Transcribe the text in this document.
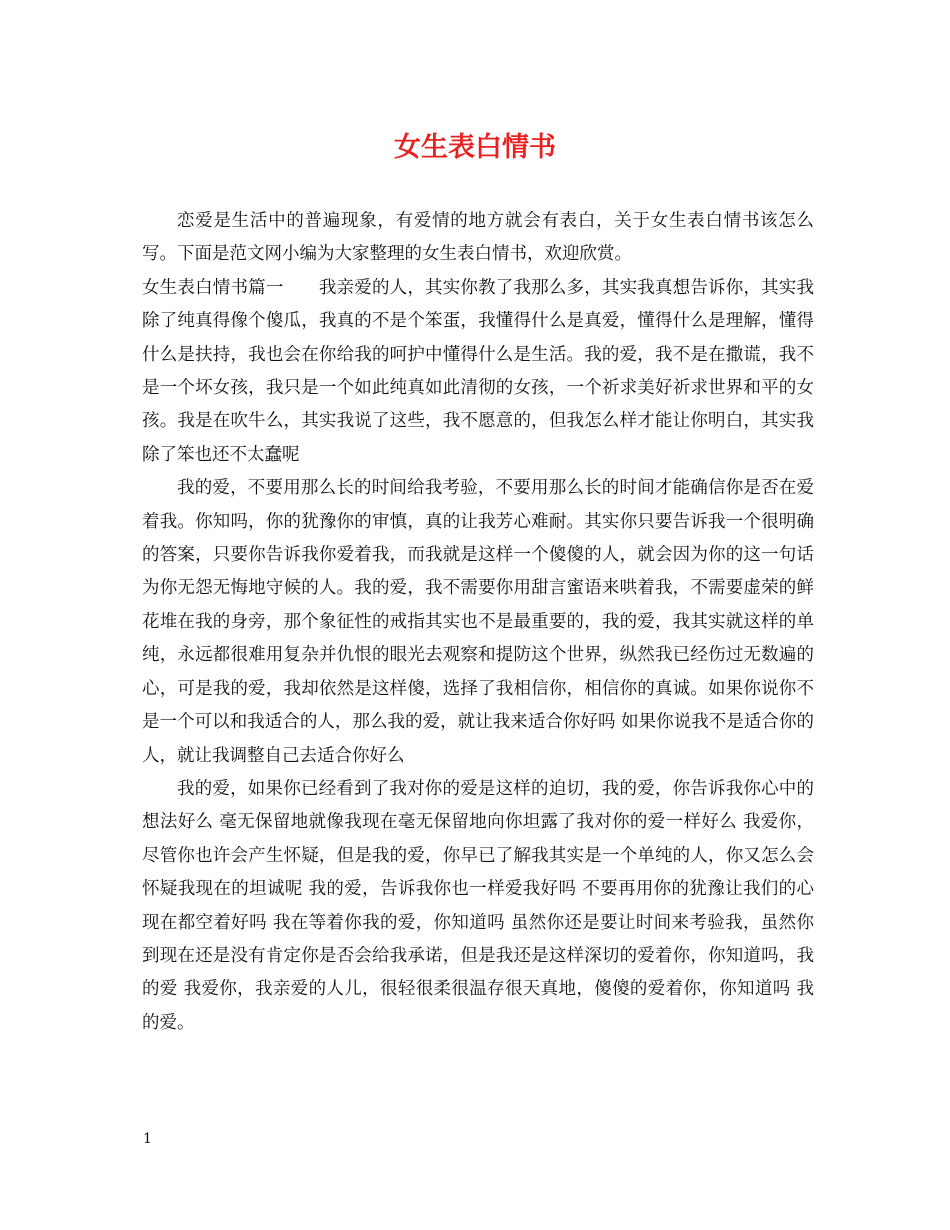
女生表白情书

恋爱是生活中的普遍现象，有爱情的地方就会有表白，关于女生表白情书该怎么写。下面是范文网小编为大家整理的女生表白情书，欢迎欣赏。

女生表白情书篇一　　我亲爱的人，其实你教了我那么多，其实我真想告诉你，其实我除了纯真得像个傻瓜，我真的不是个笨蛋，我懂得什么是真爱，懂得什么是理解，懂得什么是扶持，我也会在你给我的呵护中懂得什么是生活。我的爱，我不是在撒谎，我不是一个坏女孩，我只是一个如此纯真如此清彻的女孩，一个祈求美好祈求世界和平的女孩。我是在吹牛么，其实我说了这些，我不愿意的，但我怎么样才能让你明白，其实我除了笨也还不太蠢呢

我的爱，不要用那么长的时间给我考验，不要用那么长的时间才能确信你是否在爱着我。你知吗，你的犹豫你的审慎，真的让我芳心难耐。其实你只要告诉我一个很明确的答案，只要你告诉我你爱着我，而我就是这样一个傻傻的人，就会因为你的这一句话为你无怨无悔地守候的人。我的爱，我不需要你用甜言蜜语来哄着我，不需要虚荣的鲜花堆在我的身旁，那个象征性的戒指其实也不是最重要的，我的爱，我其实就这样的单纯，永远都很难用复杂并仇恨的眼光去观察和提防这个世界，纵然我已经伤过无数遍的心，可是我的爱，我却依然是这样傻，选择了我相信你，相信你的真诚。如果你说你不是一个可以和我适合的人，那么我的爱，就让我来适合你好吗 如果你说我不是适合你的人，就让我调整自己去适合你好么

我的爱，如果你已经看到了我对你的爱是这样的迫切，我的爱，你告诉我你心中的想法好么 毫无保留地就像我现在毫无保留地向你坦露了我对你的爱一样好么 我爱你，尽管你也许会产生怀疑，但是我的爱，你早已了解我其实是一个单纯的人，你又怎么会怀疑我现在的坦诚呢 我的爱，告诉我你也一样爱我好吗 不要再用你的犹豫让我们的心现在都空着好吗 我在等着你我的爱，你知道吗 虽然你还是要让时间来考验我，虽然你到现在还是没有肯定你是否会给我承诺，但是我还是这样深切的爱着你，你知道吗，我的爱 我爱你，我亲爱的人儿，很轻很柔很温存很天真地，傻傻的爱着你，你知道吗 我的爱。

1
